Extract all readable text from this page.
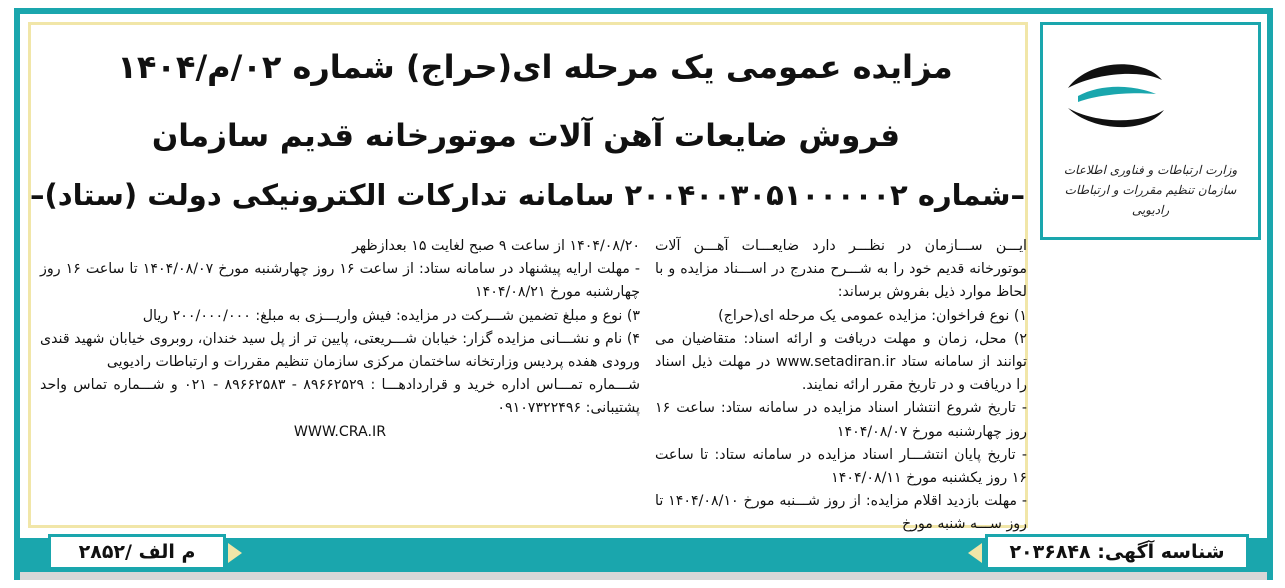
وزارت ارتباطات و فناوری اطلاعات
سازمان تنظیم مقررات و ارتباطات رادیویی
مزایده عمومی یک مرحله ای(حراج) شماره ۰۲/م/۱۴۰۴
فروش ضایعات آهن آلات موتورخانه قدیم سازمان
–شماره ۲۰۰۴۰۰۳۰۵۱۰۰۰۰۰۲ سامانه تدارکات الکترونیکی دولت (ستاد)–

ایـــن ســـازمان در نظـــر دارد ضایعـــات آهـــن آلات موتورخانه قدیم خود را به شـــرح مندرج در اســـناد مزایده و با لحاظ موارد ذیل بفروش برساند:

۱) نوع فراخوان: مزایده عمومی یک مرحله ای(حراج)

۲) محل، زمان و مهلت دریافت و ارائه اسناد: متقاضیان می توانند از سامانه ستاد www.setadiran.ir در مهلت ذیل اسناد را دریافت و در تاریخ مقرر ارائه نمایند.

- تاریخ شروع انتشار اسناد مزایده در سامانه ستاد: ساعت ۱۶ روز چهارشنبه مورخ ۱۴۰۴/۰۸/۰۷

- تاریخ پایان انتشـــار اسناد مزایده در سامانه ستاد: تا ساعت ۱۶ روز یکشنبه مورخ ۱۴۰۴/۰۸/۱۱

- مهلت بازدید اقلام مزایده: از روز شـــنبه مورخ ۱۴۰۴/۰۸/۱۰ تا روز ســـه شنبه مورخ

۱۴۰۴/۰۸/۲۰ از ساعت ۹ صبح لغایت ۱۵ بعدازظهر

- مهلت ارایه پیشنهاد در سامانه ستاد: از ساعت ۱۶ روز چهارشنبه مورخ ۱۴۰۴/۰۸/۰۷ تا ساعت ۱۶ روز چهارشنبه مورخ ۱۴۰۴/۰۸/۲۱

۳) نوع و مبلغ تضمین شـــرکت در مزایده: فیش واریـــزی به مبلغ: ۲۰۰/۰۰۰/۰۰۰ ریال

۴) نام و نشـــانی مزایده گزار: خیابان شـــریعتی، پایین تر از پل سید خندان، روبروی خیابان شهید قندی ورودی هفده پردیس وزارتخانه ساختمان مرکزی سازمان تنظیم مقررات و ارتباطات رادیویی

شـــماره تمـــاس اداره خرید و قراردادهـــا : ۸۹۶۶۲۵۲۹ - ۸۹۶۶۲۵۸۳ - ۰۲۱ و شـــماره تماس واحد پشتیبانی: ۰۹۱۰۷۳۲۲۴۹۶

WWW.CRA.IR

شناسه آگهی: ۲۰۳۶۸۴۸
م الف /۲۸۵۲
